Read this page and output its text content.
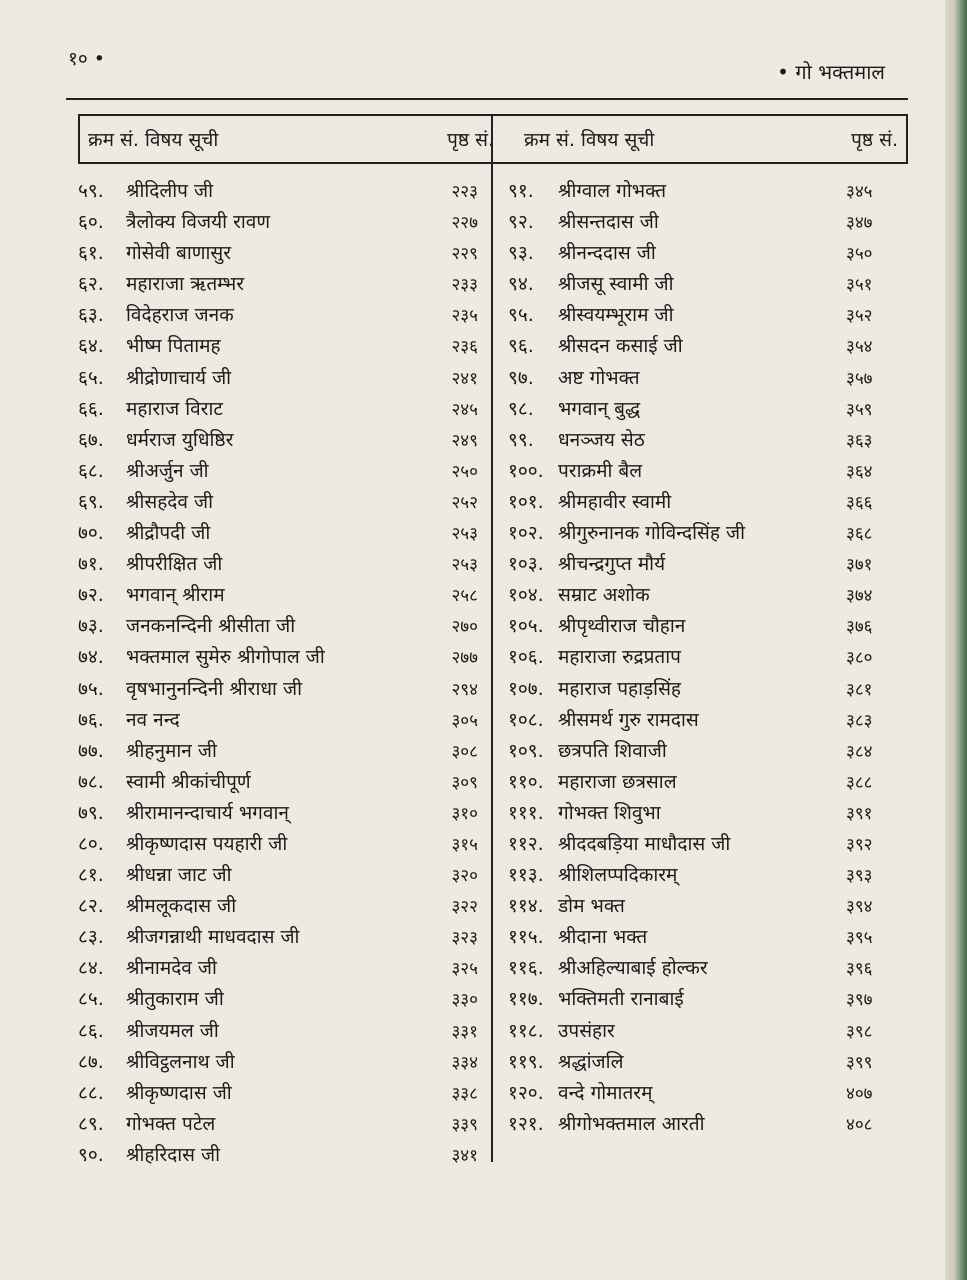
१० •
• गो भक्तमाल
क्रम सं. विषय सूची	पृष्ठ सं.	क्रम सं. विषय सूची	पृष्ठ सं.
५९. श्रीदिलीप जी	२२३
६०. त्रैलोक्य विजयी रावण	२२७
६१. गोसेवी बाणासुर	२२९
६२. महाराजा ऋतम्भर	२३३
६३. विदेहराज जनक	२३५
६४. भीष्म पितामह	२३६
६५. श्रीद्रोणाचार्य जी	२४१
६६. महाराज विराट	२४५
६७. धर्मराज युधिष्ठिर	२४९
६८. श्रीअर्जुन जी	२५०
६९. श्रीसहदेव जी	२५२
७०. श्रीद्रौपदी जी	२५३
७१. श्रीपरीक्षित जी	२५३
७२. भगवान् श्रीराम	२५८
७३. जनकनन्दिनी श्रीसीता जी	२७०
७४. भक्तमाल सुमेरु श्रीगोपाल जी	२७७
७५. वृषभानुनन्दिनी श्रीराधा जी	२९४
७६. नव नन्द	३०५
७७. श्रीहनुमान जी	३०८
७८. स्वामी श्रीकांचीपूर्ण	३०९
७९. श्रीरामानन्दाचार्य भगवान्	३१०
८०. श्रीकृष्णदास पयहारी जी	३१५
८१. श्रीधन्ना जाट जी	३२०
८२. श्रीमलूकदास जी	३२२
८३. श्रीजगन्नाथी माधवदास जी	३२३
८४. श्रीनामदेव जी	३२५
८५. श्रीतुकाराम जी	३३०
८६. श्रीजयमल जी	३३१
८७. श्रीविट्ठलनाथ जी	३३४
८८. श्रीकृष्णदास जी	३३८
८९. गोभक्त पटेल	३३९
९०. श्रीहरिदास जी	३४१
९१. श्रीग्वाल गोभक्त	३४५
९२. श्रीसन्तदास जी	३४७
९३. श्रीनन्ददास जी	३५०
९४. श्रीजसू स्वामी जी	३५१
९५. श्रीस्वयम्भूराम जी	३५२
९६. श्रीसदन कसाई जी	३५४
९७. अष्ट गोभक्त	३५७
९८. भगवान् बुद्ध	३५९
९९. धनञ्जय सेठ	३६३
१००. पराक्रमी बैल	३६४
१०१. श्रीमहावीर स्वामी	३६६
१०२. श्रीगुरुनानक गोविन्दसिंह जी	३६८
१०३. श्रीचन्द्रगुप्त मौर्य	३७१
१०४. सम्राट अशोक	३७४
१०५. श्रीपृथ्वीराज चौहान	३७६
१०६. महाराजा रुद्रप्रताप	३८०
१०७. महाराज पहाड़सिंह	३८१
१०८. श्रीसमर्थ गुरु रामदास	३८३
१०९. छत्रपति शिवाजी	३८४
११०. महाराजा छत्रसाल	३८८
१११. गोभक्त शिवुभा	३९१
११२. श्रीददबड़िया माधौदास जी	३९२
११३. श्रीशिलप्पदिकारम्	३९३
११४. डोम भक्त	३९४
११५. श्रीदाना भक्त	३९५
११६. श्रीअहिल्याबाई होल्कर	३९६
११७. भक्तिमती रानाबाई	३९७
११८. उपसंहार	३९८
११९. श्रद्धांजलि	३९९
१२०. वन्दे गोमातरम्	४०७
१२१. श्रीगोभक्तमाल आरती	४०८
